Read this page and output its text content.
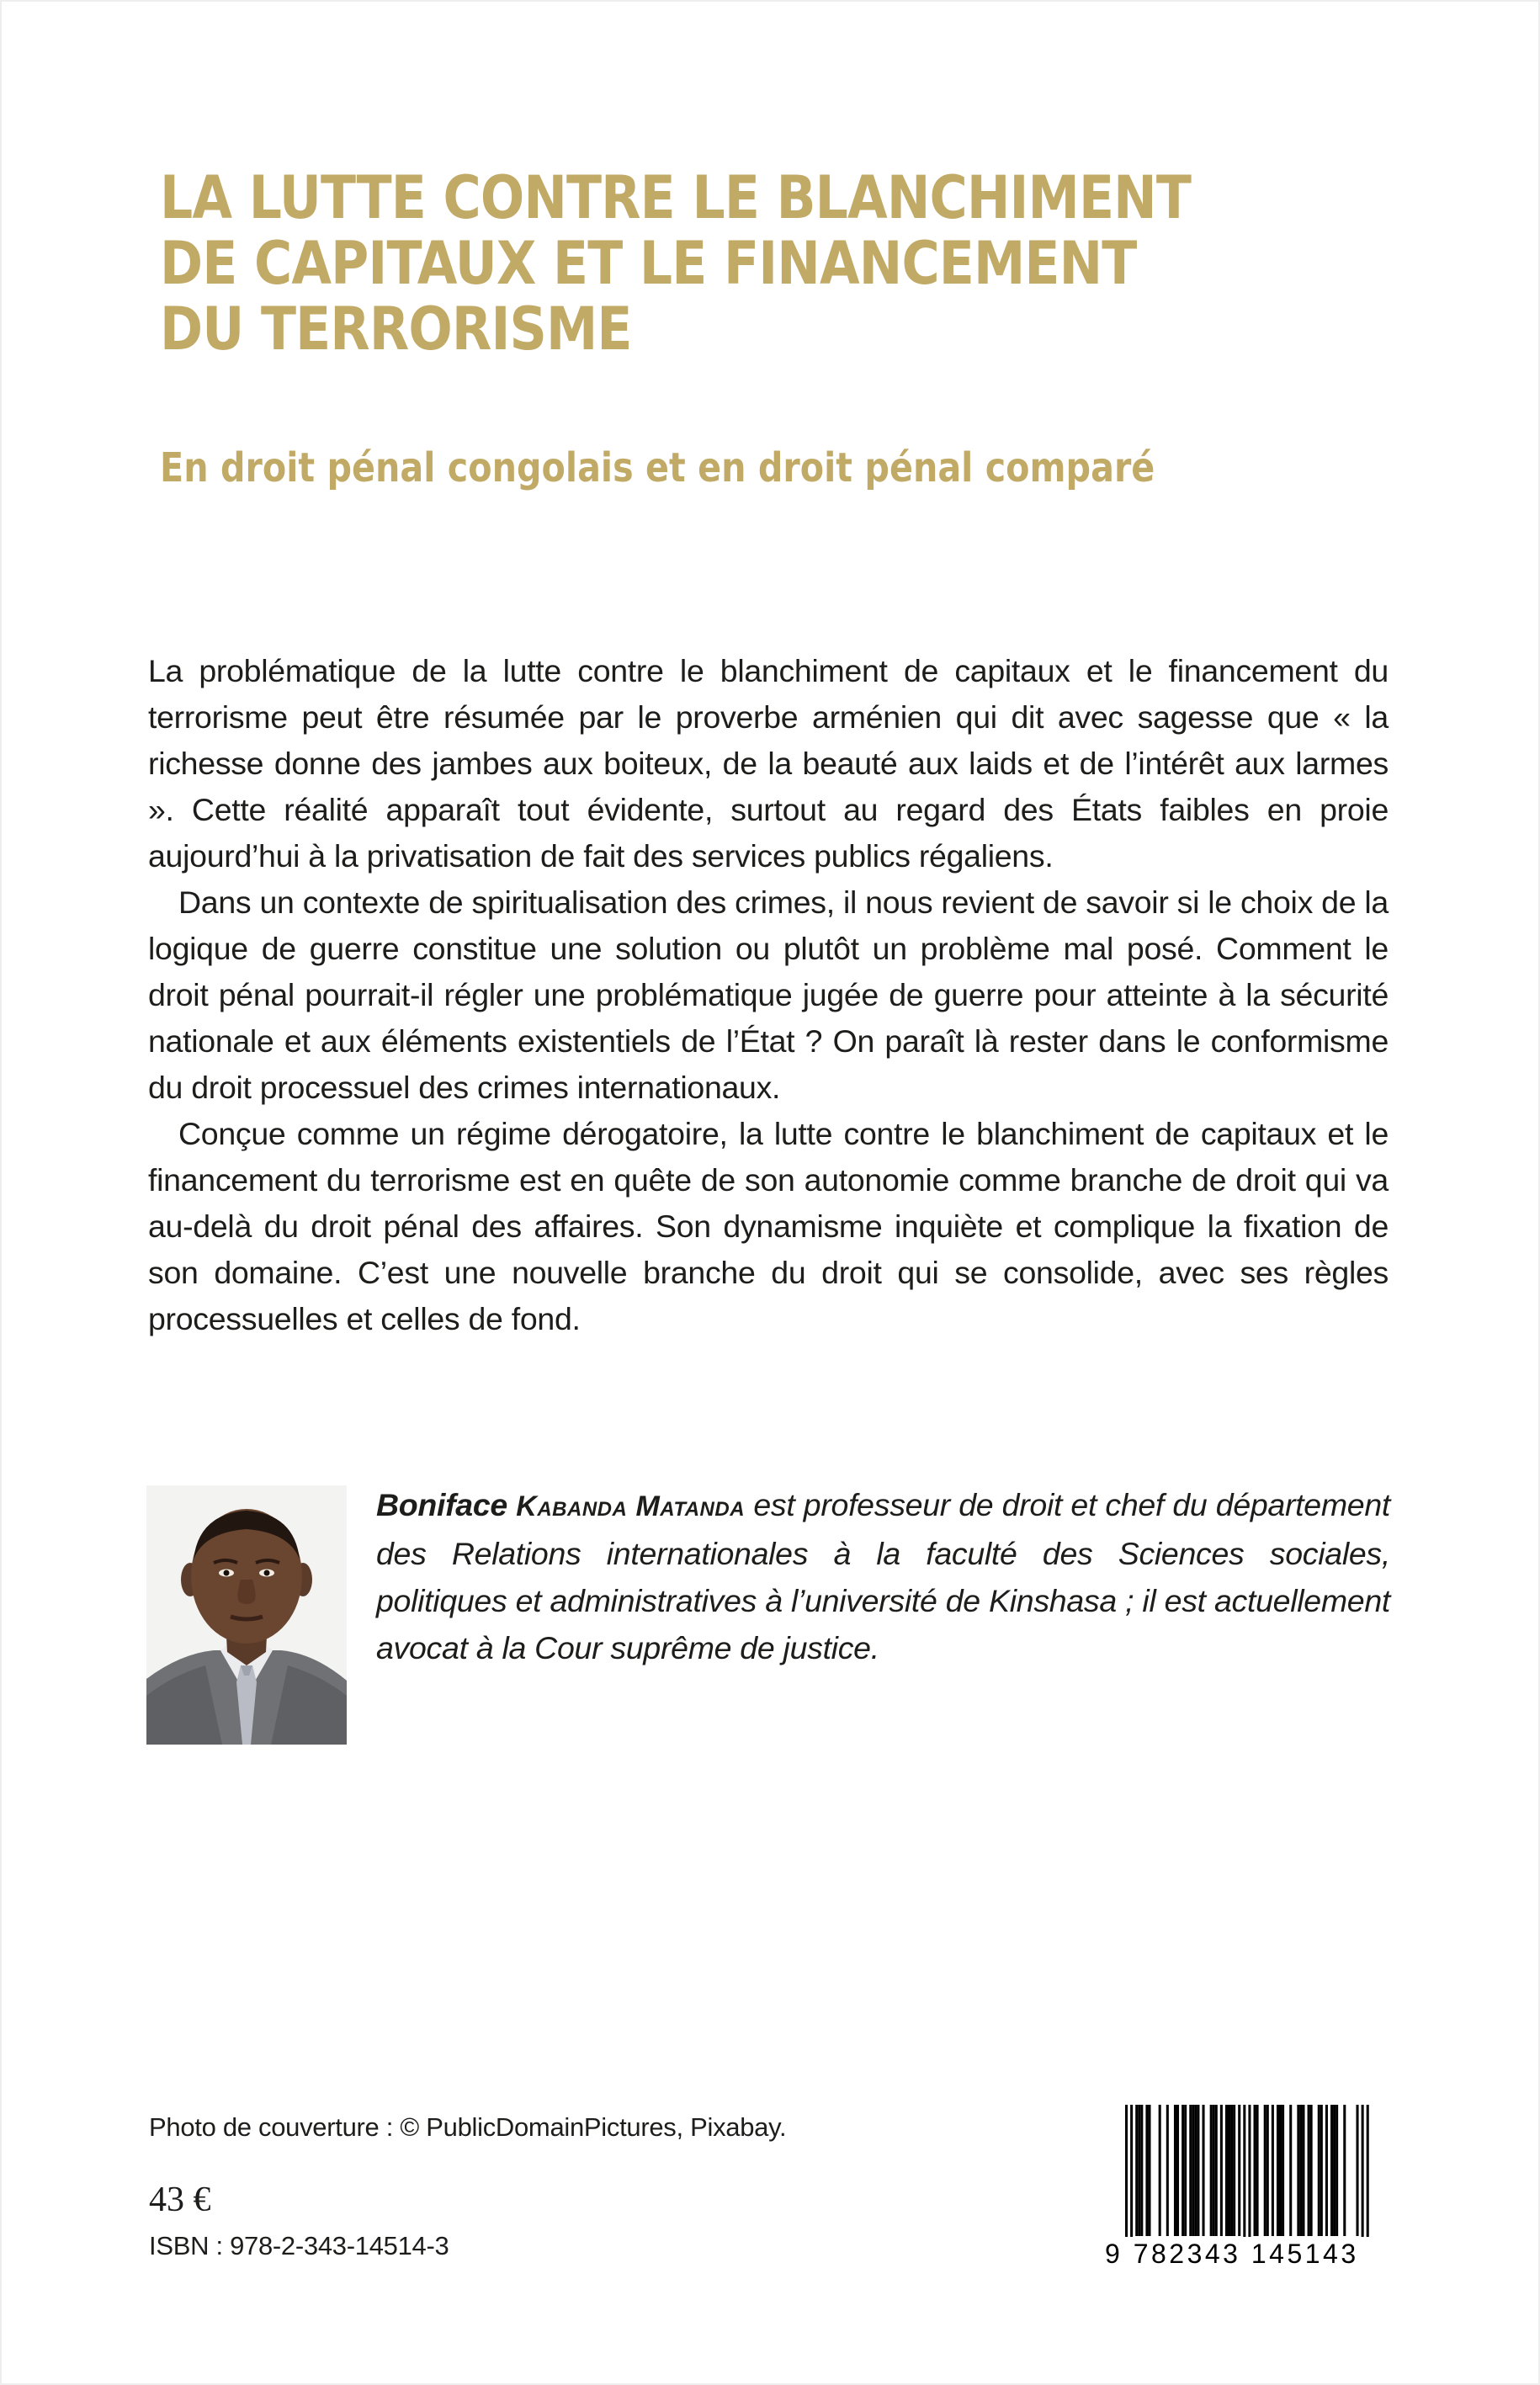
LA LUTTE CONTRE LE BLANCHIMENT
DE CAPITAUX ET LE FINANCEMENT
DU TERRORISME
En droit pénal congolais et en droit pénal comparé

La problématique de la lutte contre le blanchiment de capitaux et le financement du terrorisme peut être résumée par le proverbe arménien qui dit avec sagesse que « la richesse donne des jambes aux boiteux, de la beauté aux laids et de l’intérêt aux larmes ». Cette réalité apparaît tout évidente, surtout au regard des États faibles en proie aujourd’hui à la privatisation de fait des services publics régaliens.

Dans un contexte de spiritualisation des crimes, il nous revient de savoir si le choix de la logique de guerre constitue une solution ou plutôt un problème mal posé. Comment le droit pénal pourrait-il régler une problématique jugée de guerre pour atteinte à la sécurité nationale et aux éléments existentiels de l’État ? On paraît là rester dans le conformisme du droit processuel des crimes internationaux.

Conçue comme un régime dérogatoire, la lutte contre le blanchiment de capitaux et le financement du terrorisme est en quête de son autonomie comme branche de droit qui va au-delà du droit pénal des affaires. Son dynamisme inquiète et complique la fixation de son domaine. C’est une nouvelle branche du droit qui se consolide, avec ses règles processuelles et celles de fond.

Boniface Kabanda Matanda est professeur de droit et chef du département des Relations internationales à la faculté des Sciences sociales, politiques et administratives à l’université de Kinshasa ; il est actuellement avocat à la Cour suprême de justice.
Photo de couverture : © PublicDomainPictures, Pixabay.
43 €
ISBN : 978-2-343-14514-3	9 782343 145143
